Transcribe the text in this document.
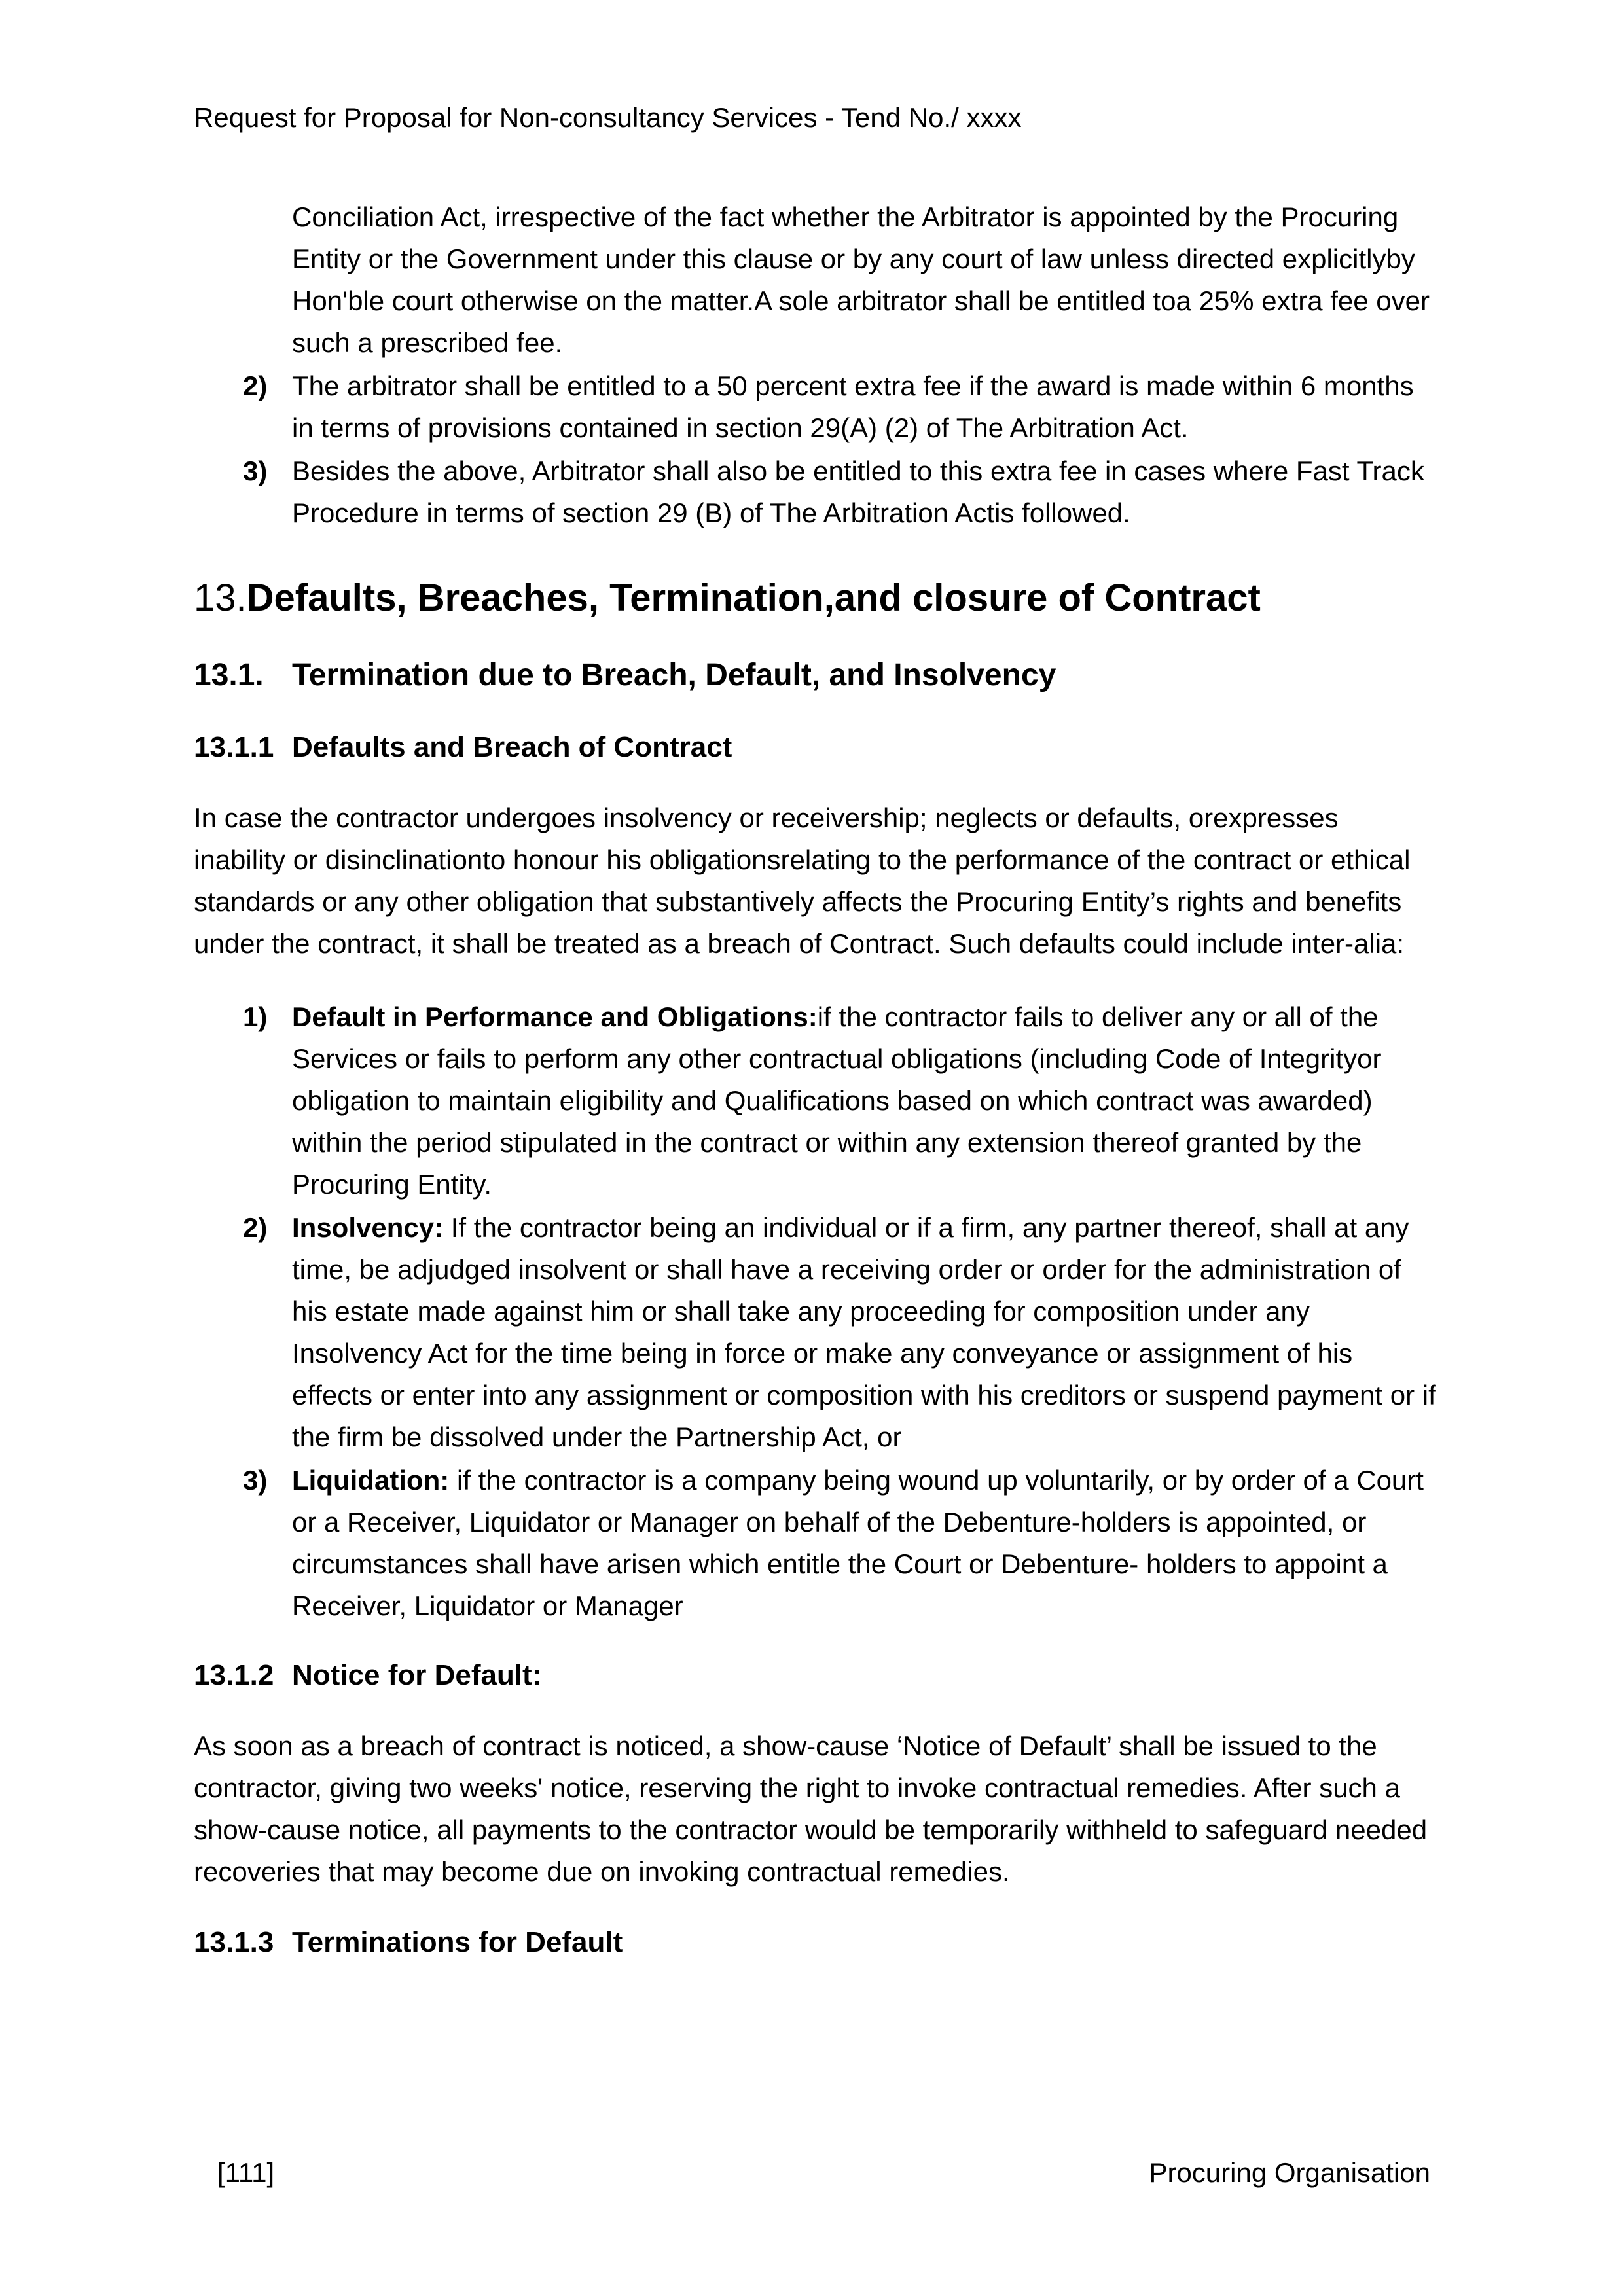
Request for Proposal for Non-consultancy Services - Tend No./ xxxx

Conciliation Act, irrespective of the fact whether the Arbitrator is appointed by the Procuring Entity or the Government under this clause or by any court of law unless directed explicitlyby Hon'ble court otherwise on the matter.A sole arbitrator shall be entitled toa 25% extra fee over such a prescribed fee.

2) The arbitrator shall be entitled to a 50 percent extra fee if the award is made within 6 months in terms of provisions contained in section 29(A) (2) of The Arbitration Act.
3) Besides the above, Arbitrator shall also be entitled to this extra fee in cases where Fast Track Procedure in terms of section 29 (B) of The Arbitration Actis followed.
13.Defaults, Breaches, Termination,and closure of Contract
13.1. Termination due to Breach, Default, and Insolvency
13.1.1 Defaults and Breach of Contract

In case the contractor undergoes insolvency or receivership; neglects or defaults, orexpresses inability or disinclinationto honour his obligationsrelating to the performance of the contract or ethical standards or any other obligation that substantively affects the Procuring Entity’s rights and benefits under the contract, it shall be treated as a breach of Contract. Such defaults could include inter-alia:

1) Default in Performance and Obligations:if the contractor fails to deliver any or all of the Services or fails to perform any other contractual obligations (including Code of Integrityor obligation to maintain eligibility and Qualifications based on which contract was awarded) within the period stipulated in the contract or within any extension thereof granted by the Procuring Entity.
2) Insolvency: If the contractor being an individual or if a firm, any partner thereof, shall at any time, be adjudged insolvent or shall have a receiving order or order for the administration of his estate made against him or shall take any proceeding for composition under any Insolvency Act for the time being in force or make any conveyance or assignment of his effects or enter into any assignment or composition with his creditors or suspend payment or if the firm be dissolved under the Partnership Act, or
3) Liquidation: if the contractor is a company being wound up voluntarily, or by order of a Court or a Receiver, Liquidator or Manager on behalf of the Debenture-holders is appointed, or circumstances shall have arisen which entitle the Court or Debenture- holders to appoint a Receiver, Liquidator or Manager
13.1.2 Notice for Default:

As soon as a breach of contract is noticed, a show-cause ‘Notice of Default’ shall be issued to the contractor, giving two weeks' notice, reserving the right to invoke contractual remedies. After such a show-cause notice, all payments to the contractor would be temporarily withheld to safeguard needed recoveries that may become due on invoking contractual remedies.

13.1.3 Terminations for Default
[111]	Procuring Organisation
